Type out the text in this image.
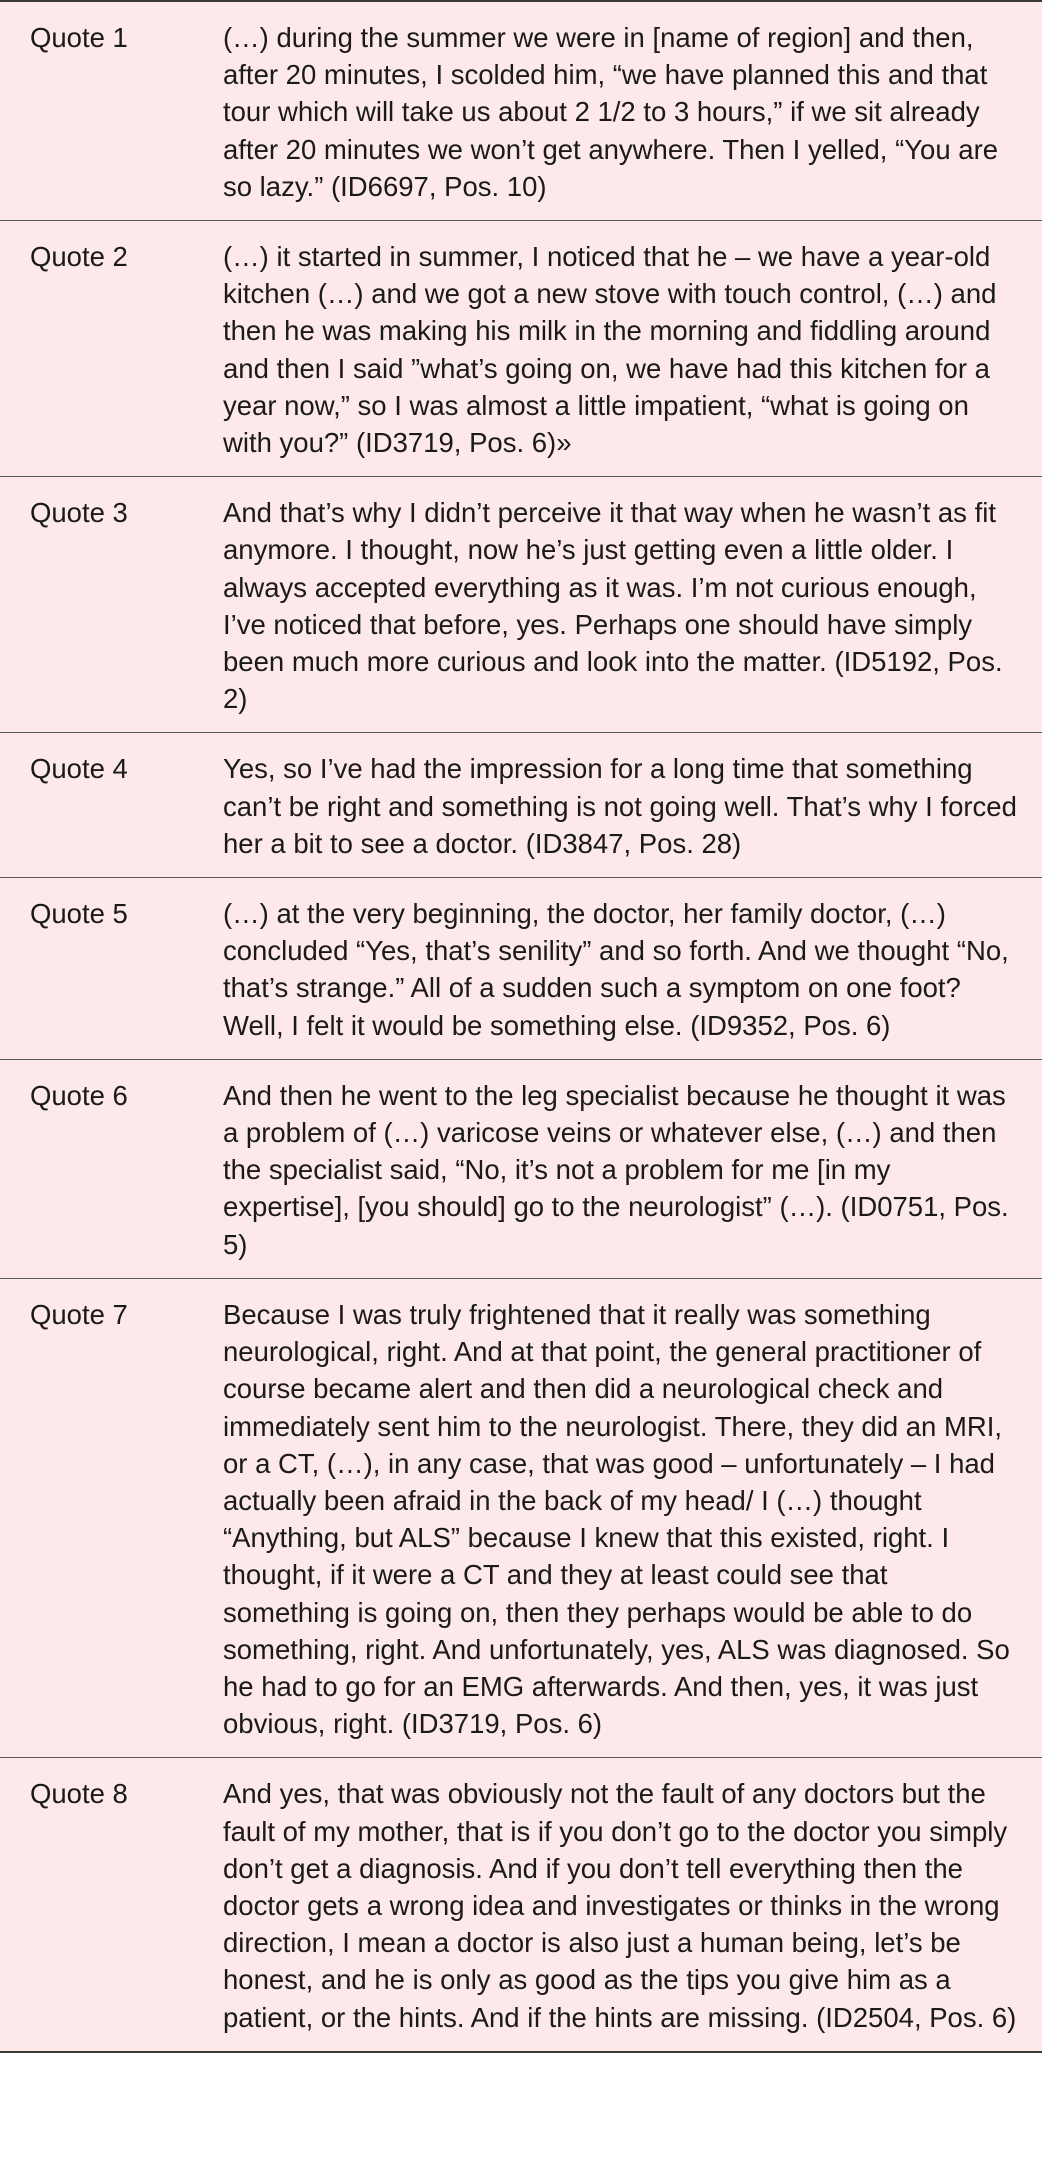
Quote 1	(…) during the summer we were in [name of region] and then, after 20 minutes, I scolded him, “we have planned this and that tour which will take us about 2 1/2 to 3 hours,” if we sit already after 20 minutes we won’t get anywhere. Then I yelled, “You are so lazy.” (ID6697, Pos. 10)
Quote 2	(…) it started in summer, I noticed that he – we have a year-old kitchen (…) and we got a new stove with touch control, (…) and then he was making his milk in the morning and fiddling around and then I said ”what’s going on, we have had this kitchen for a year now,” so I was almost a little impatient, “what is going on with you?” (ID3719, Pos. 6)»
Quote 3	And that’s why I didn’t perceive it that way when he wasn’t as fit anymore. I thought, now he’s just getting even a little older. I always accepted everything as it was. I’m not curious enough, I’ve noticed that before, yes. Perhaps one should have simply been much more curious and look into the matter. (ID5192, Pos. 2)
Quote 4	Yes, so I’ve had the impression for a long time that something can’t be right and something is not going well. That’s why I forced her a bit to see a doctor. (ID3847, Pos. 28)
Quote 5	(…) at the very beginning, the doctor, her family doctor, (…) concluded “Yes, that’s senility” and so forth. And we thought “No, that’s strange.” All of a sudden such a symptom on one foot? Well, I felt it would be something else. (ID9352, Pos. 6)
Quote 6	And then he went to the leg specialist because he thought it was a problem of (…) varicose veins or whatever else, (…) and then the specialist said, “No, it’s not a problem for me [in my expertise], [you should] go to the neurologist” (…). (ID0751, Pos. 5)
Quote 7	Because I was truly frightened that it really was something neurological, right. And at that point, the general practitioner of course became alert and then did a neurological check and immediately sent him to the neurologist. There, they did an MRI, or a CT, (…), in any case, that was good – unfortunately – I had actually been afraid in the back of my head/ I (…) thought “Anything, but ALS” because I knew that this existed, right. I thought, if it were a CT and they at least could see that something is going on, then they perhaps would be able to do something, right. And unfortunately, yes, ALS was diagnosed. So he had to go for an EMG afterwards. And then, yes, it was just obvious, right. (ID3719, Pos. 6)
Quote 8	And yes, that was obviously not the fault of any doctors but the fault of my mother, that is if you don’t go to the doctor you simply don’t get a diagnosis. And if you don’t tell everything then the doctor gets a wrong idea and investigates or thinks in the wrong direction, I mean a doctor is also just a human being, let’s be honest, and he is only as good as the tips you give him as a patient, or the hints. And if the hints are missing. (ID2504, Pos. 6)
